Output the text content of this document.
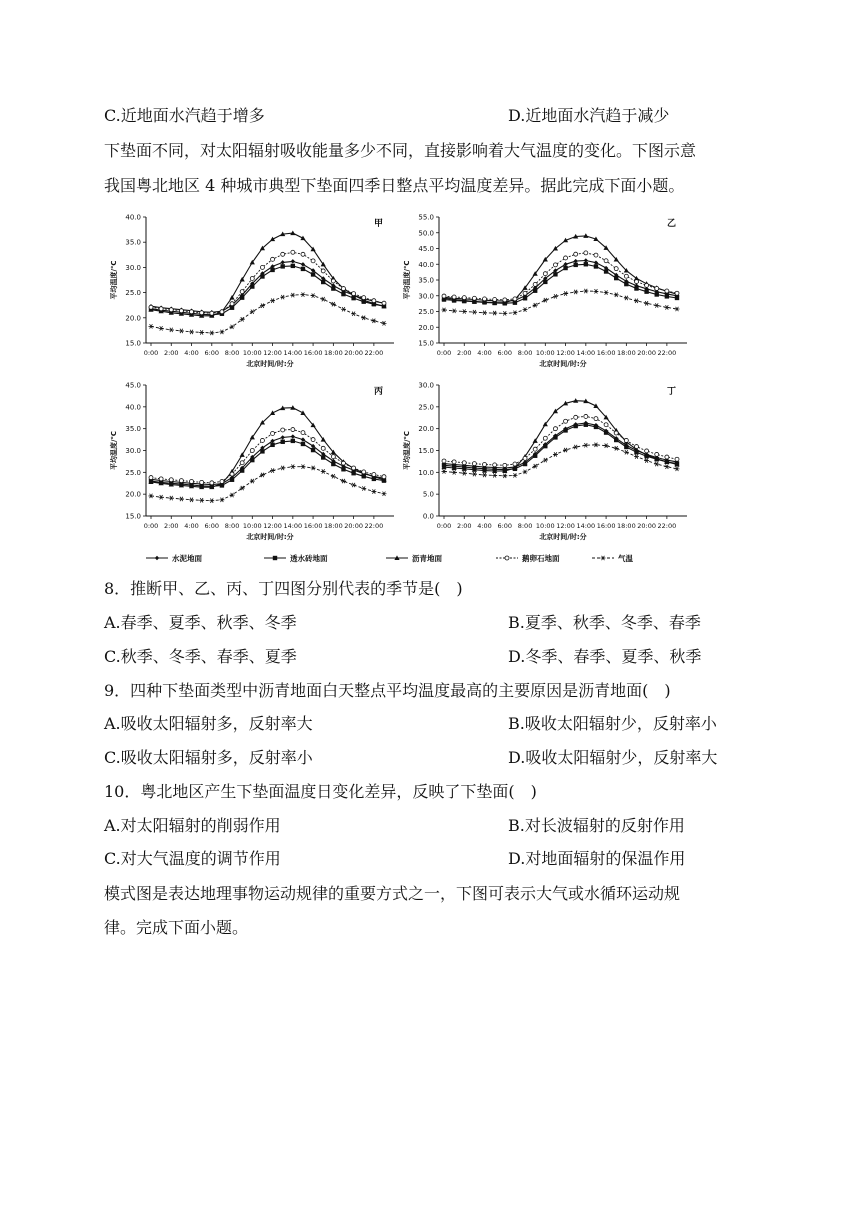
C.近地面水汽趋于增多	D.近地面水汽趋于减少
下垫面不同，对太阳辐射吸收能量多少不同，直接影响着大气温度的变化。下图示意
我国粤北地区 4 种城市典型下垫面四季日整点平均温度差异。据此完成下面小题。
15.0
20.0
25.0
30.0
35.0
40.0
0:00 2:00 4:00 6:00 8:00 10:00 12:00 14:00 16:00 18:00 20:00 22:00
北京时间/时:分
平均温度/℃
甲
15.0
20.0
25.0
30.0
35.0
40.0
45.0
50.0
55.0
0:00 2:00 4:00 6:00 8:00 10:00 12:00 14:00 16:00 18:00 20:00 22:00
北京时间/时:分
平均温度/℃
乙
15.0
20.0
25.0
30.0
35.0
40.0
45.0
0:00 2:00 4:00 6:00 8:00 10:00 12:00 14:00 16:00 18:00 20:00 22:00
北京时间/时:分
平均温度/℃
丙
0.0
5.0
10.0
15.0
20.0
25.0
30.0
0:00 2:00 4:00 6:00 8:00 10:00 12:00 14:00 16:00 18:00 20:00 22:00
北京时间/时:分
平均温度/℃
丁
水泥地面	透水砖地面	沥青地面	鹅卵石地面	气温
8．推断甲、乙、丙、丁四图分别代表的季节是(　)
A.春季、夏季、秋季、冬季	B.夏季、秋季、冬季、春季
C.秋季、冬季、春季、夏季	D.冬季、春季、夏季、秋季
9．四种下垫面类型中沥青地面白天整点平均温度最高的主要原因是沥青地面(　)
A.吸收太阳辐射多，反射率大	B.吸收太阳辐射少，反射率小
C.吸收太阳辐射多，反射率小	D.吸收太阳辐射少，反射率大
10．粤北地区产生下垫面温度日变化差异，反映了下垫面(　)
A.对太阳辐射的削弱作用	B.对长波辐射的反射作用
C.对大气温度的调节作用	D.对地面辐射的保温作用
模式图是表达地理事物运动规律的重要方式之一，下图可表示大气或水循环运动规
律。完成下面小题。
